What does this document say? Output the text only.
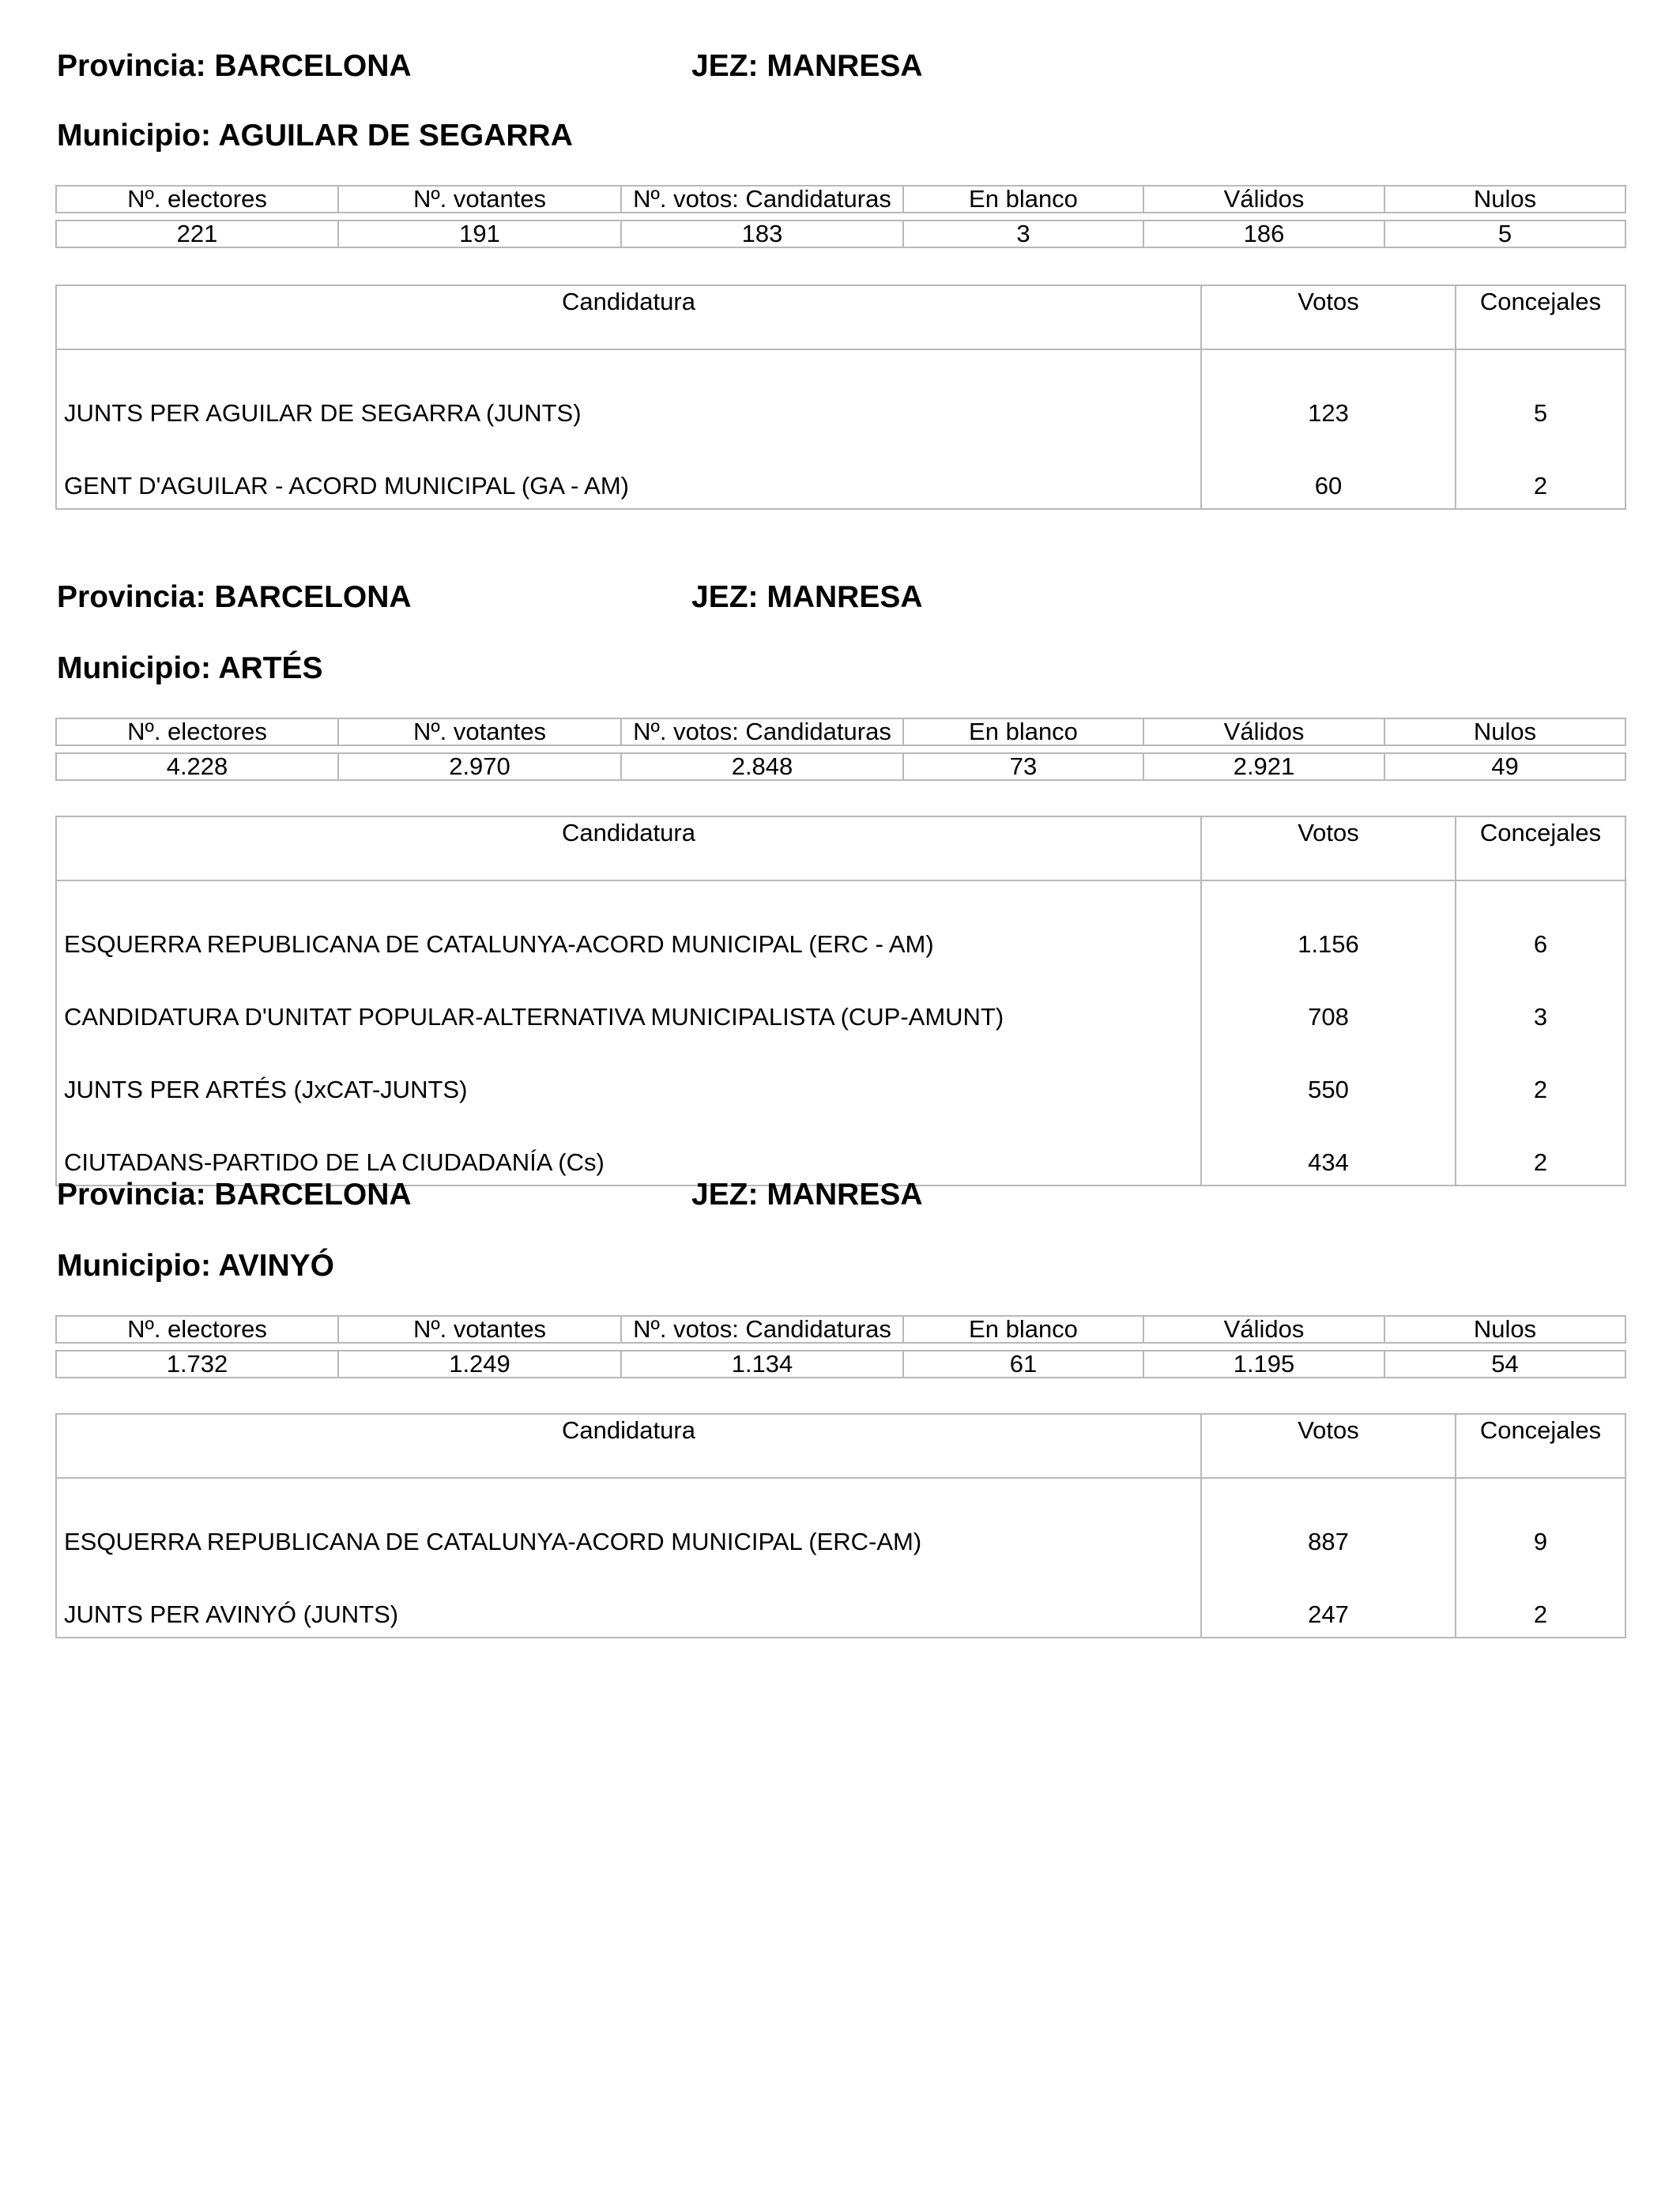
Provincia: BARCELONA	JEZ: MANRESA
Municipio: AGUILAR DE SEGARRA
Nº. electores	Nº. votantes	Nº. votos: Candidaturas	En blanco	Válidos	Nulos

221	191	183	3	186	5
Candidatura	Votos	Concejales
JUNTS PER AGUILAR DE SEGARRA (JUNTS)	123	5
GENT D'AGUILAR - ACORD MUNICIPAL (GA - AM)	60	2
Provincia: BARCELONA	JEZ: MANRESA
Municipio: ARTÉS
Nº. electores	Nº. votantes	Nº. votos: Candidaturas	En blanco	Válidos	Nulos

4.228	2.970	2.848	73	2.921	49
Candidatura	Votos	Concejales
ESQUERRA REPUBLICANA DE CATALUNYA-ACORD MUNICIPAL (ERC - AM)	1.156	6
CANDIDATURA D'UNITAT POPULAR-ALTERNATIVA MUNICIPALISTA (CUP-AMUNT)	708	3
JUNTS PER ARTÉS (JxCAT-JUNTS)	550	2
CIUTADANS-PARTIDO DE LA CIUDADANÍA (Cs)	434	2
Provincia: BARCELONA	JEZ: MANRESA
Municipio: AVINYÓ
Nº. electores	Nº. votantes	Nº. votos: Candidaturas	En blanco	Válidos	Nulos

1.732	1.249	1.134	61	1.195	54
Candidatura	Votos	Concejales
ESQUERRA REPUBLICANA DE CATALUNYA-ACORD MUNICIPAL (ERC-AM)	887	9
JUNTS PER AVINYÓ (JUNTS)	247	2
